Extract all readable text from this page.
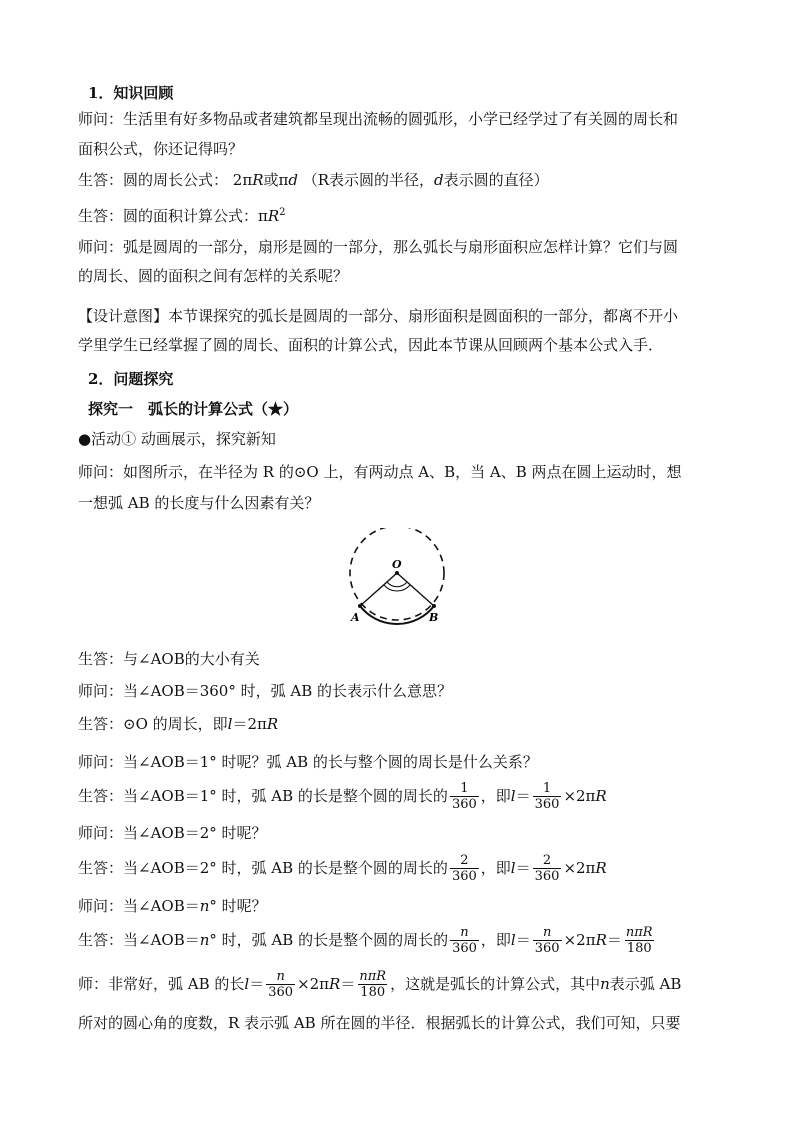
1．知识回顾
师问：生活里有好多物品或者建筑都呈现出流畅的圆弧形，小学已经学过了有关圆的周长和
面积公式，你还记得吗？
生答：圆的周长公式： 2πR或πd （R表示圆的半径，d表示圆的直径）
生答：圆的面积计算公式：$\pi R^2$
师问：弧是圆周的一部分，扇形是圆的一部分，那么弧长与扇形面积应怎样计算？它们与圆
的周长、圆的面积之间有怎样的关系呢？
【设计意图】本节课探究的弧长是圆周的一部分、扇形面积是圆面积的一部分，都离不开小
学里学生已经掌握了圆的周长、面积的计算公式，因此本节课从回顾两个基本公式入手．
2．问题探究
探究一　弧长的计算公式（★）
●活动① 动画展示，探究新知
师问：如图所示，在半径为 R 的⊙O 上，有两动点 A、B，当 A、B 两点在圆上运动时，想
一想弧 AB 的长度与什么因素有关？
O
A	B
生答：与∠AOB的大小有关
师问：当∠AOB＝360° 时，弧 AB 的长表示什么意思？
生答：⊙O 的周长，即l＝2πR
师问：当∠AOB＝1° 时呢？弧 AB 的长与整个圆的周长是什么关系？
生答：当∠AOB＝1° 时，弧 AB 的长是整个圆的周长的 $\frac{1}{360}$ ，即$l= \frac{1}{360} \times 2\pi R$
师问：当∠AOB＝2° 时呢？
生答：当∠AOB＝2° 时，弧 AB 的长是整个圆的周长的 $\frac{2}{360}$ ，即$l= \frac{2}{360} \times 2\pi R$
师问：当∠AOB＝n° 时呢？
生答：当∠AOB＝n° 时，弧 AB 的长是整个圆的周长的 $\frac{n}{360}$ ，即$l= \frac{n}{360} \times 2\pi R= \frac{\text{nπR}}{180}$
师：非常好，弧 AB 的长$l= \frac{n}{360} \times 2\pi R= \frac{\text{nπR}}{180}$ ，这就是弧长的计算公式，其中n表示弧 AB
所对的圆心角的度数，R 表示弧 AB 所在圆的半径．根据弧长的计算公式，我们可知，只要
